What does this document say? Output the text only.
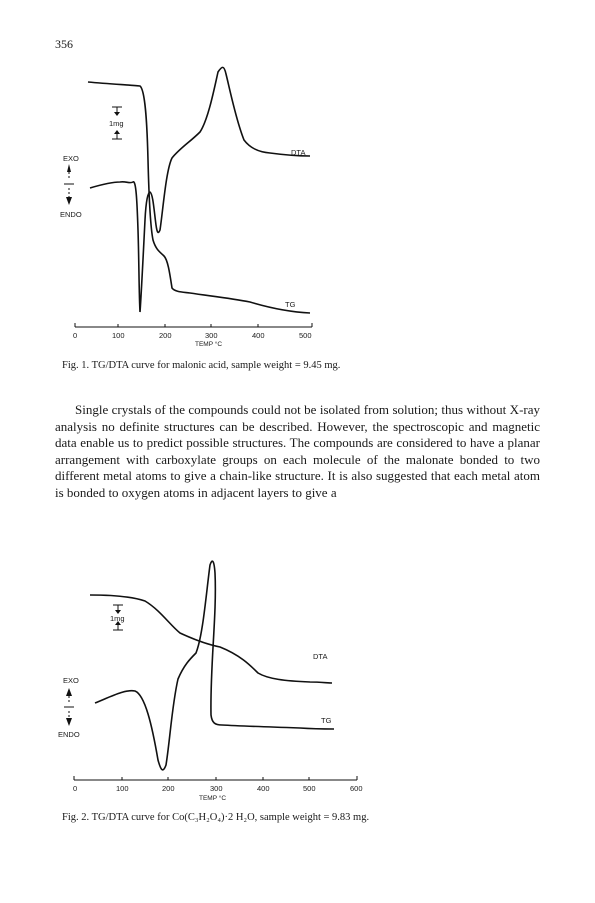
356
1mg
EXO
ENDO
DTA
TG
0	100	200	300	400	500
TEMP °C
Fig. 1. TG/DTA curve for malonic acid, sample weight = 9.45 mg.

Single crystals of the compounds could not be isolated from solution; thus without X-ray analysis no definite structures can be described. However, the spectroscopic and magnetic data enable us to predict possible structures. The compounds are considered to have a planar arrangement with carboxylate groups on each molecule of the malonate bonded to two different metal atoms to give a chain-like structure. It is also suggested that each metal atom is bonded to oxygen atoms in adjacent layers to give a

1mg
EXO
ENDO
DTA
TG
0	100	200	300	400	500	600
TEMP °C
Fig. 2. TG/DTA curve for Co(C₃H₂O₄)·2 H₂O, sample weight = 9.83 mg.
